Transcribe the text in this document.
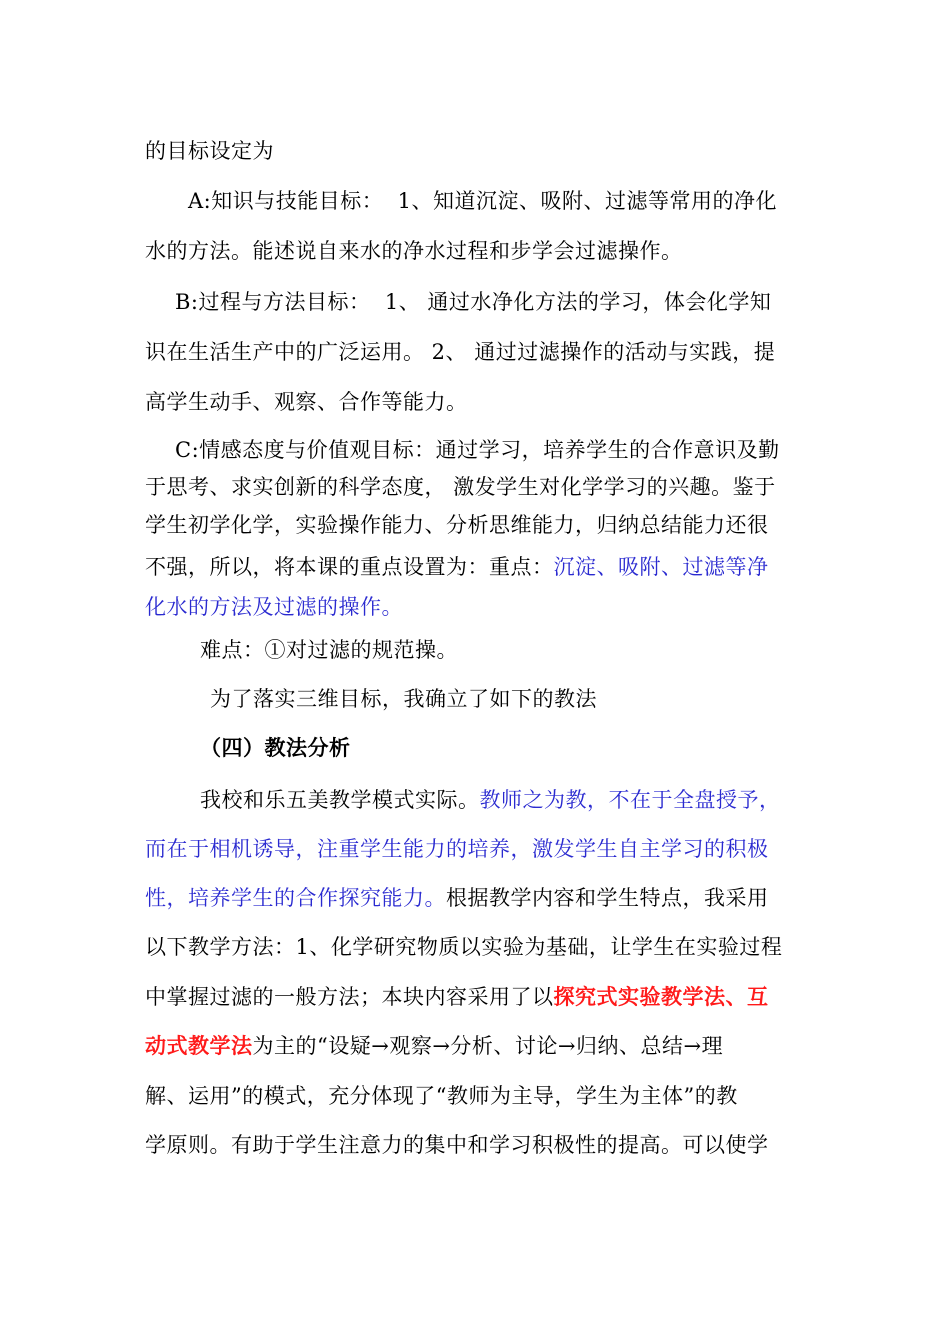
的目标设定为
A:知识与技能目标：  1、知道沉淀、吸附、过滤等常用的净化
水的方法。能述说自来水的净水过程和步学会过滤操作。
B:过程与方法目标：  1、 通过水净化方法的学习，体会化学知
识在生活生产中的广泛运用。 2、 通过过滤操作的活动与实践，提
高学生动手、观察、合作等能力。
C:情感态度与价值观目标：通过学习，培养学生的合作意识及勤
于思考、求实创新的科学态度， 激发学生对化学学习的兴趣。鉴于
学生初学化学，实验操作能力、分析思维能力，归纳总结能力还很
不强，所以，将本课的重点设置为：重点：沉淀、吸附、过滤等净
化水的方法及过滤的操作。
难点：①对过滤的规范操。
为了落实三维目标，我确立了如下的教法
（四）教法分析
我校和乐五美教学模式实际。教师之为教，不在于全盘授予，
而在于相机诱导，注重学生能力的培养，激发学生自主学习的积极
性，培养学生的合作探究能力。根据教学内容和学生特点，我采用
以下教学方法：1、化学研究物质以实验为基础，让学生在实验过程
中掌握过滤的一般方法；本块内容采用了以探究式实验教学法、互
动式教学法为主的“设疑→观察→分析、讨论→归纳、总结→理
解、运用”的模式，充分体现了“教师为主导，学生为主体”的教
学原则。有助于学生注意力的集中和学习积极性的提高。可以使学
